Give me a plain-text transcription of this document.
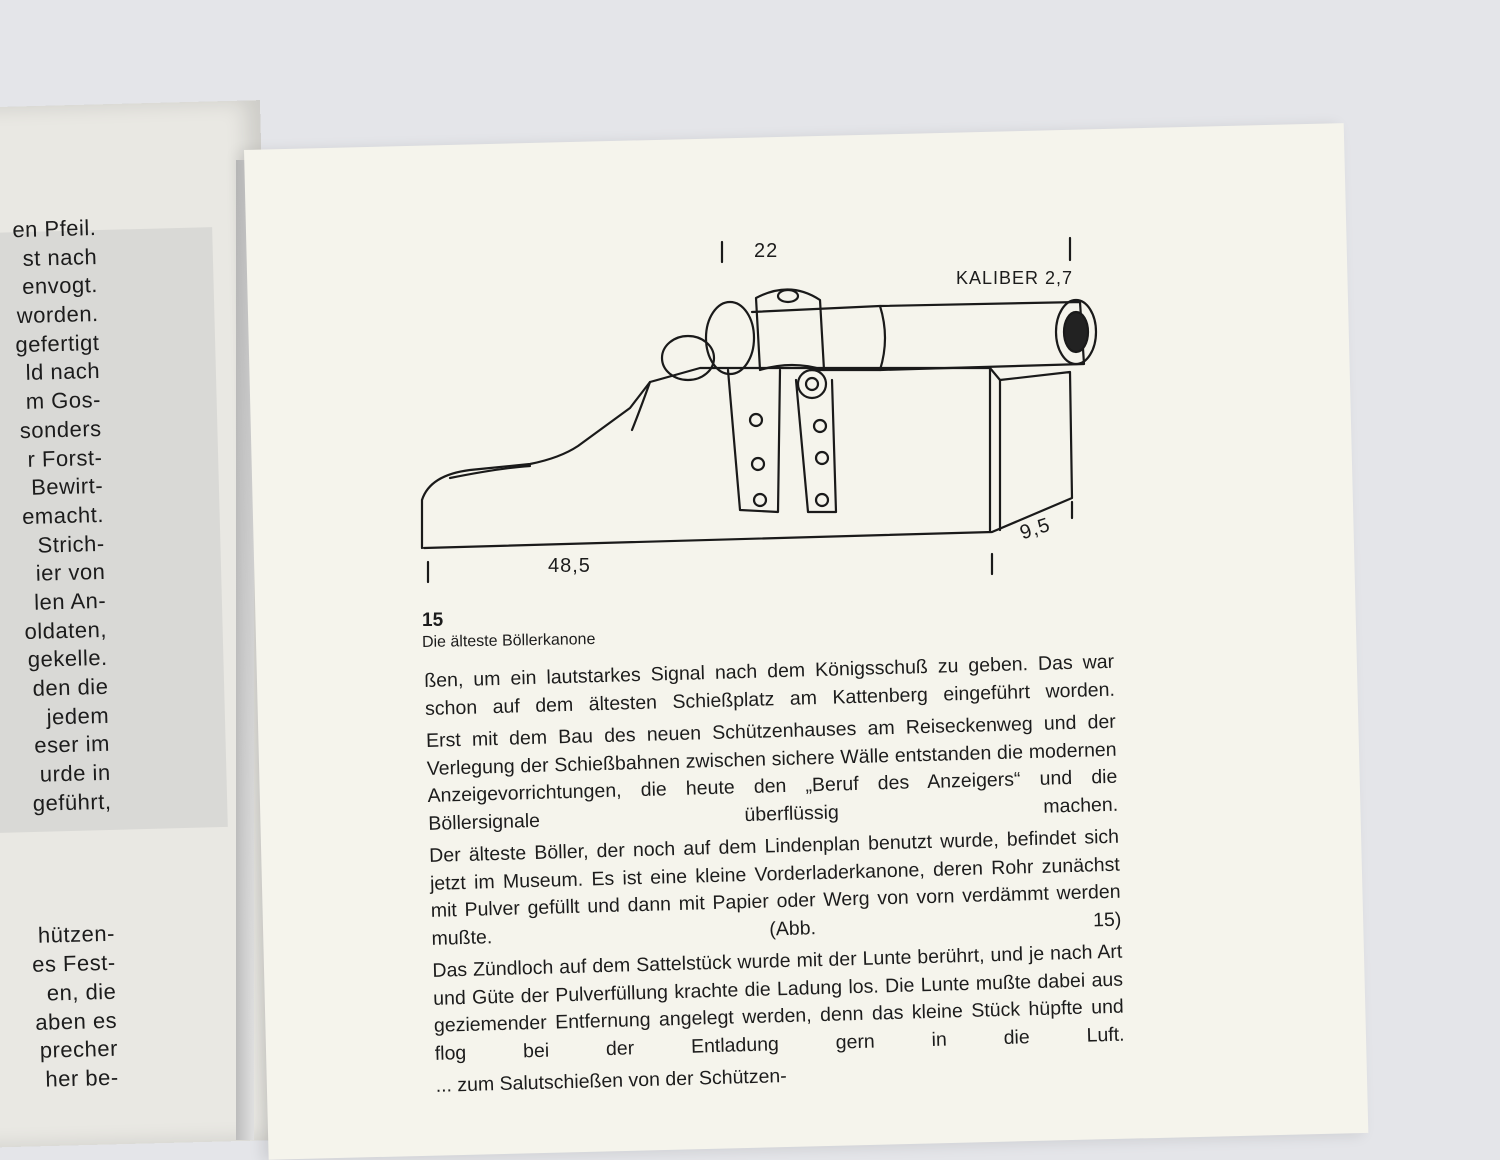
en Pfeil.
st nach
envogt.
worden.
gefertigt
ld nach
m Gos-
sonders
r Forst-
Bewirt-
emacht.
Strich-
ier von
len An-
oldaten,
gekelle.
den die
jedem
eser im
urde in
geführt,
hützen-
es Fest-
en, die
aben es
precher
her be-
22
KALIBER 2,7
48,5
9,5
15
Die älteste Böllerkanone

ßen, um ein lautstarkes Signal nach dem Königsschuß zu geben. Das war schon auf dem ältesten Schießplatz am Kattenberg eingeführt worden.

Erst mit dem Bau des neuen Schützenhauses am Reiseckenweg und der Verlegung der Schießbahnen zwischen sichere Wälle entstanden die modernen Anzeigevorrichtungen, die heute den „Beruf des Anzeigers“ und die Böllersignale überflüssig machen.

Der älteste Böller, der noch auf dem Lindenplan benutzt wurde, befindet sich jetzt im Museum. Es ist eine kleine Vorderladerkanone, deren Rohr zunächst mit Pulver gefüllt und dann mit Papier oder Werg von vorn verdämmt werden mußte. (Abb. 15)

Das Zündloch auf dem Sattelstück wurde mit der Lunte berührt, und je nach Art und Güte der Pulverfüllung krachte die Ladung los. Die Lunte mußte dabei aus geziemender Entfernung angelegt werden, denn das kleine Stück hüpfte und flog bei der Entladung gern in die Luft.

... zum Salutschießen von der Schützen-
